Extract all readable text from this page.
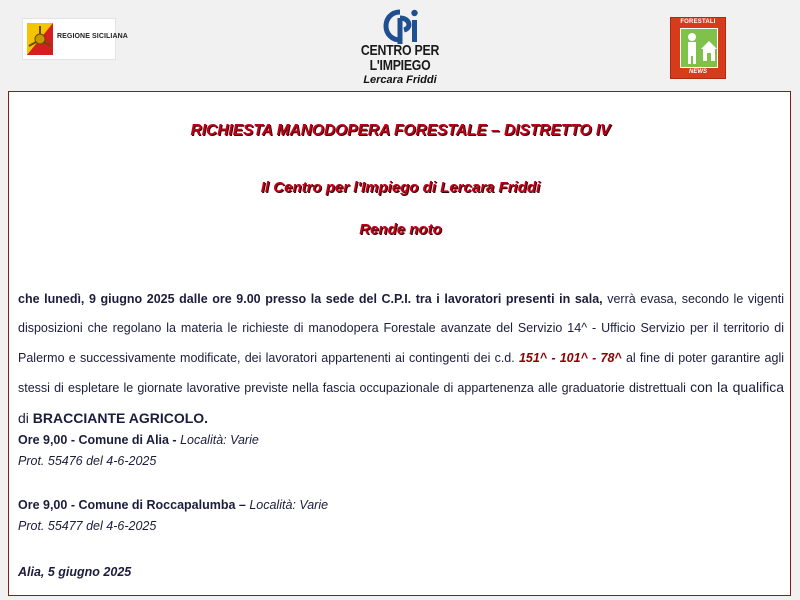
REGIONE SICILIANA
CENTRO PER
L'IMPIEGO
Lercara Friddi
FORESTALI
NEWS
RICHIESTA MANODOPERA FORESTALE – DISTRETTO IV
Il Centro per l'Impiego di Lercara Friddi
Rende noto
che lunedì, 9 giugno 2025 dalle ore 9.00 presso la sede del C.P.I. tra i lavoratori presenti in sala, verrà evasa, secondo le vigenti disposizioni che regolano la materia le richieste di manodopera Forestale avanzate del Servizio 14^ - Ufficio Servizio per il territorio di Palermo e successivamente modificate, dei lavoratori appartenenti ai contingenti dei c.d. 151^ - 101^ - 78^ al fine di poter garantire agli stessi di espletare le giornate lavorative previste nella fascia occupazionale di appartenenza alle graduatorie distrettuali con la qualifica di BRACCIANTE AGRICOLO.
Ore 9,00 - Comune di Alia - Località: Varie
Prot. 55476 del 4-6-2025
Ore 9,00 - Comune di Roccapalumba – Località: Varie
Prot. 55477 del 4-6-2025
Alia, 5 giugno 2025
